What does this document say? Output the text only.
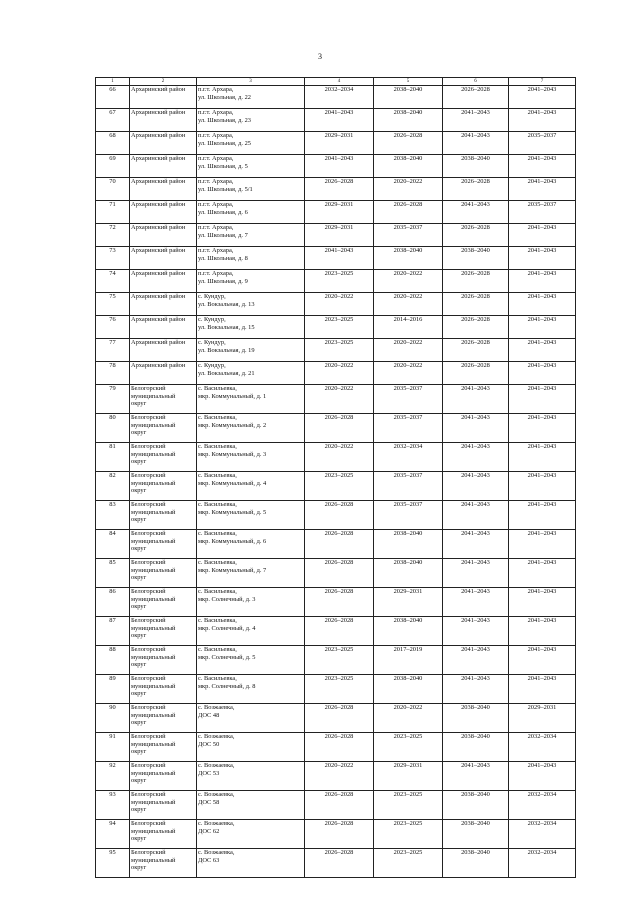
3
1	2	3	4	5	6	7
66	Архаринский район	п.г.т. Архара,
ул. Школьная, д. 22	2032–2034	2038–2040	2026–2028	2041–2043
67	Архаринский район	п.г.т. Архара,
ул. Школьная, д. 23	2041–2043	2038–2040	2041–2043	2041–2043
68	Архаринский район	п.г.т. Архара,
ул. Школьная, д. 25	2029–2031	2026–2028	2041–2043	2035–2037
69	Архаринский район	п.г.т. Архара,
ул. Школьная, д. 5	2041–2043	2038–2040	2038–2040	2041–2043
70	Архаринский район	п.г.т. Архара,
ул. Школьная, д. 5/1	2026–2028	2020–2022	2026–2028	2041–2043
71	Архаринский район	п.г.т. Архара,
ул. Школьная, д. 6	2029–2031	2026–2028	2041–2043	2035–2037
72	Архаринский район	п.г.т. Архара,
ул. Школьная, д. 7	2029–2031	2035–2037	2026–2028	2041–2043
73	Архаринский район	п.г.т. Архара,
ул. Школьная, д. 8	2041–2043	2038–2040	2038–2040	2041–2043
74	Архаринский район	п.г.т. Архара,
ул. Школьная, д. 9	2023–2025	2020–2022	2026–2028	2041–2043
75	Архаринский район	с. Кундур,
ул. Вокзальная, д. 13	2020–2022	2020–2022	2026–2028	2041–2043
76	Архаринский район	с. Кундур,
ул. Вокзальная, д. 15	2023–2025	2014–2016	2026–2028	2041–2043
77	Архаринский район	с. Кундур,
ул. Вокзальная, д. 19	2023–2025	2020–2022	2026–2028	2041–2043
78	Архаринский район	с. Кундур,
ул. Вокзальная, д. 21	2020–2022	2020–2022	2026–2028	2041–2043
79	Белогорский
муниципальный
округ	с. Васильевка,
мкр. Коммунальный, д. 1	2020–2022	2035–2037	2041–2043	2041–2043
80	Белогорский
муниципальный
округ	с. Васильевка,
мкр. Коммунальный, д. 2	2026–2028	2035–2037	2041–2043	2041–2043
81	Белогорский
муниципальный
округ	с. Васильевка,
мкр. Коммунальный, д. 3	2020–2022	2032–2034	2041–2043	2041–2043
82	Белогорский
муниципальный
округ	с. Васильевка,
мкр. Коммунальный, д. 4	2023–2025	2035–2037	2041–2043	2041–2043
83	Белогорский
муниципальный
округ	с. Васильевка,
мкр. Коммунальный, д. 5	2026–2028	2035–2037	2041–2043	2041–2043
84	Белогорский
муниципальный
округ	с. Васильевка,
мкр. Коммунальный, д. 6	2026–2028	2038–2040	2041–2043	2041–2043
85	Белогорский
муниципальный
округ	с. Васильевка,
мкр. Коммунальный, д. 7	2026–2028	2038–2040	2041–2043	2041–2043
86	Белогорский
муниципальный
округ	с. Васильевка,
мкр. Солнечный, д. 3	2026–2028	2029–2031	2041–2043	2041–2043
87	Белогорский
муниципальный
округ	с. Васильевка,
мкр. Солнечный, д. 4	2026–2028	2038–2040	2041–2043	2041–2043
88	Белогорский
муниципальный
округ	с. Васильевка,
мкр. Солнечный, д. 5	2023–2025	2017–2019	2041–2043	2041–2043
89	Белогорский
муниципальный
округ	с. Васильевка,
мкр. Солнечный, д. 8	2023–2025	2038–2040	2041–2043	2041–2043
90	Белогорский
муниципальный
округ	с. Возжаевка,
ДОС 48	2026–2028	2020–2022	2038–2040	2029–2031
91	Белогорский
муниципальный
округ	с. Возжаевка,
ДОС 50	2026–2028	2023–2025	2038–2040	2032–2034
92	Белогорский
муниципальный
округ	с. Возжаевка,
ДОС 53	2020–2022	2029–2031	2041–2043	2041–2043
93	Белогорский
муниципальный
округ	с. Возжаевка,
ДОС 58	2026–2028	2023–2025	2038–2040	2032–2034
94	Белогорский
муниципальный
округ	с. Возжаевка,
ДОС 62	2026–2028	2023–2025	2038–2040	2032–2034
95	Белогорский
муниципальный
округ	с. Возжаевка,
ДОС 63	2026–2028	2023–2025	2038–2040	2032–2034
